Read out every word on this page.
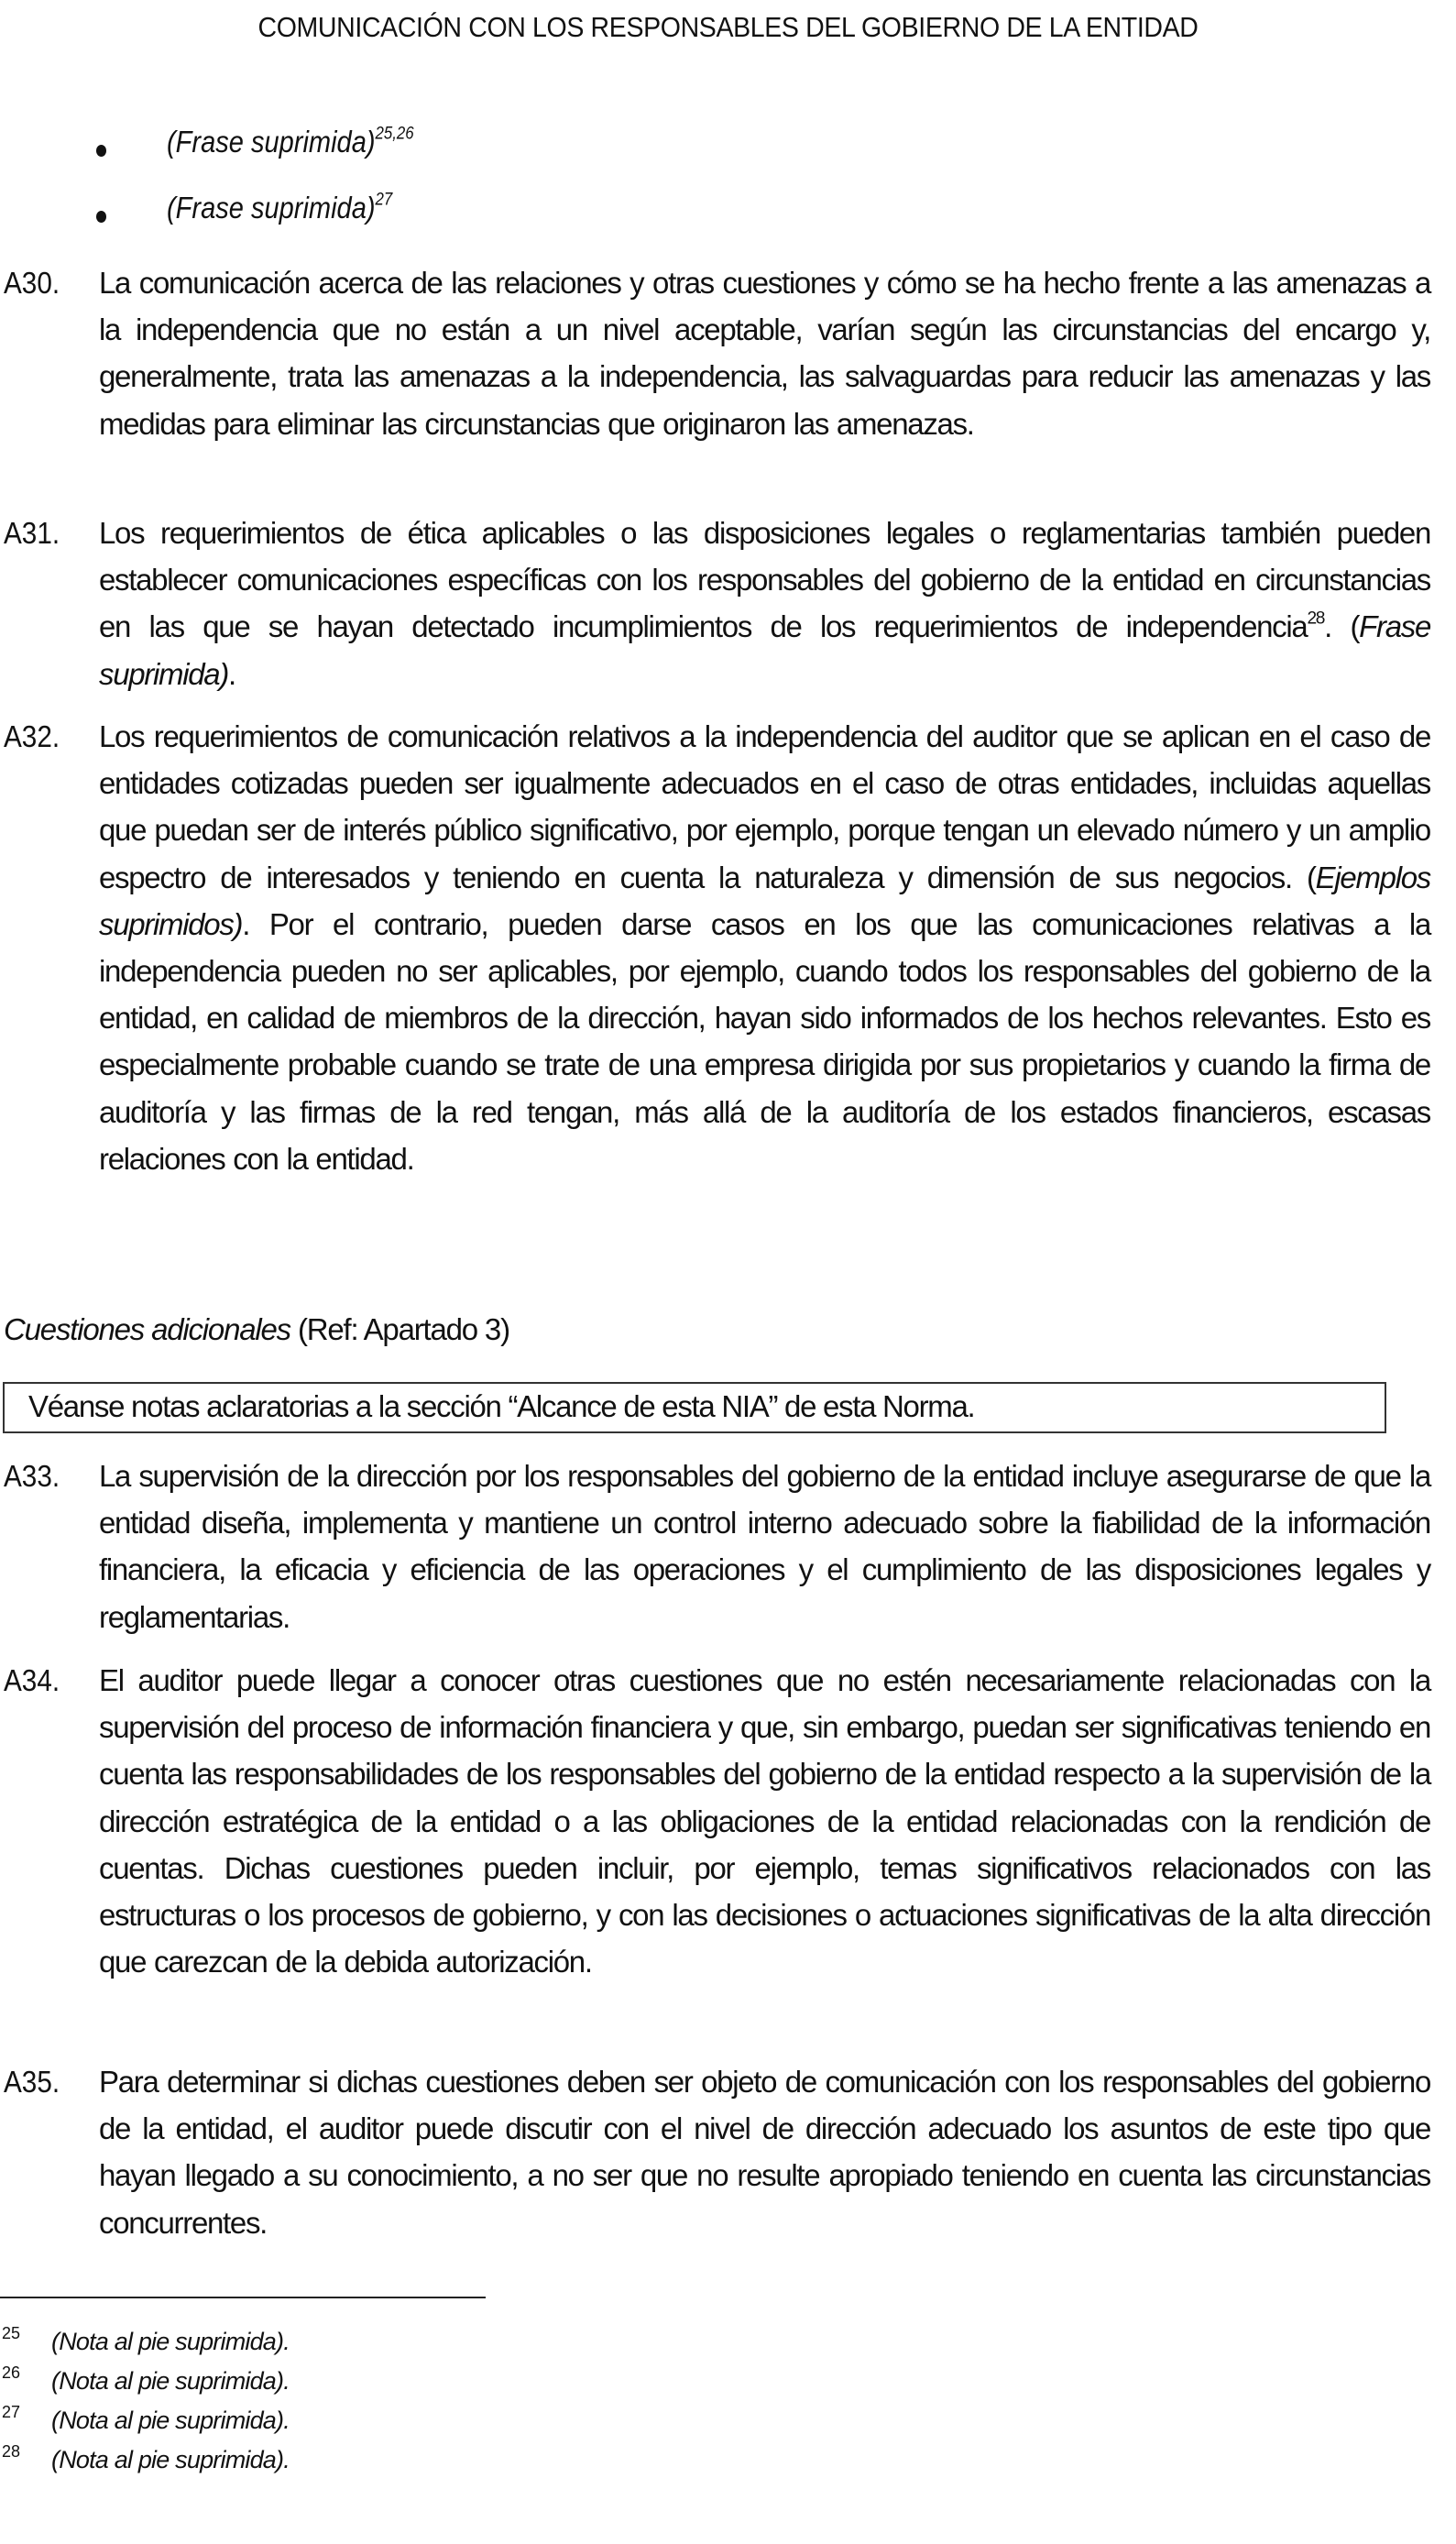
COMUNICACIÓN CON LOS RESPONSABLES DEL GOBIERNO DE LA ENTIDAD
(Frase suprimida)$^{25,26}$
(Frase suprimida)$^{27}$
A30. La comunicación acerca de las relaciones y otras cuestiones y cómo se ha hecho frente a las amenazas a la independencia que no están a un nivel aceptable, varían según las circunstancias del encargo y, generalmente, trata las amenazas a la independencia, las salvaguardas para reducir las amenazas y las medidas para eliminar las circunstancias que originaron las amenazas.
A31. Los requerimientos de ética aplicables o las disposiciones legales o reglamentarias también pueden establecer comunicaciones específicas con los responsables del gobierno de la entidad en circunstancias en las que se hayan detectado incumplimientos de los requerimientos de independencia$^{28}$. (Frase suprimida).
A32. Los requerimientos de comunicación relativos a la independencia del auditor que se aplican en el caso de entidades cotizadas pueden ser igualmente adecuados en el caso de otras entidades, incluidas aquellas que puedan ser de interés público significativo, por ejemplo, porque tengan un elevado número y un amplio espectro de interesados y teniendo en cuenta la naturaleza y dimensión de sus negocios. (Ejemplos suprimidos). Por el contrario, pueden darse casos en los que las comunicaciones relativas a la independencia pueden no ser aplicables, por ejemplo, cuando todos los responsables del gobierno de la entidad, en calidad de miembros de la dirección, hayan sido informados de los hechos relevantes. Esto es especialmente probable cuando se trate de una empresa dirigida por sus propietarios y cuando la firma de auditoría y las firmas de la red tengan, más allá de la auditoría de los estados financieros, escasas relaciones con la entidad.
Cuestiones adicionales (Ref: Apartado 3)
Véanse notas aclaratorias a la sección “Alcance de esta NIA” de esta Norma.
A33. La supervisión de la dirección por los responsables del gobierno de la entidad incluye asegurarse de que la entidad diseña, implementa y mantiene un control interno adecuado sobre la fiabilidad de la información financiera, la eficacia y eficiencia de las operaciones y el cumplimiento de las disposiciones legales y reglamentarias.
A34. El auditor puede llegar a conocer otras cuestiones que no estén necesariamente relacionadas con la supervisión del proceso de información financiera y que, sin embargo, puedan ser significativas teniendo en cuenta las responsabilidades de los responsables del gobierno de la entidad respecto a la supervisión de la dirección estratégica de la entidad o a las obligaciones de la entidad relacionadas con la rendición de cuentas. Dichas cuestiones pueden incluir, por ejemplo, temas significativos relacionados con las estructuras o los procesos de gobierno, y con las decisiones o actuaciones significativas de la alta dirección que carezcan de la debida autorización.
A35. Para determinar si dichas cuestiones deben ser objeto de comunicación con los responsables del gobierno de la entidad, el auditor puede discutir con el nivel de dirección adecuado los asuntos de este tipo que hayan llegado a su conocimiento, a no ser que no resulte apropiado teniendo en cuenta las circunstancias concurrentes.
25 (Nota al pie suprimida).
26 (Nota al pie suprimida).
27 (Nota al pie suprimida).
28 (Nota al pie suprimida).
